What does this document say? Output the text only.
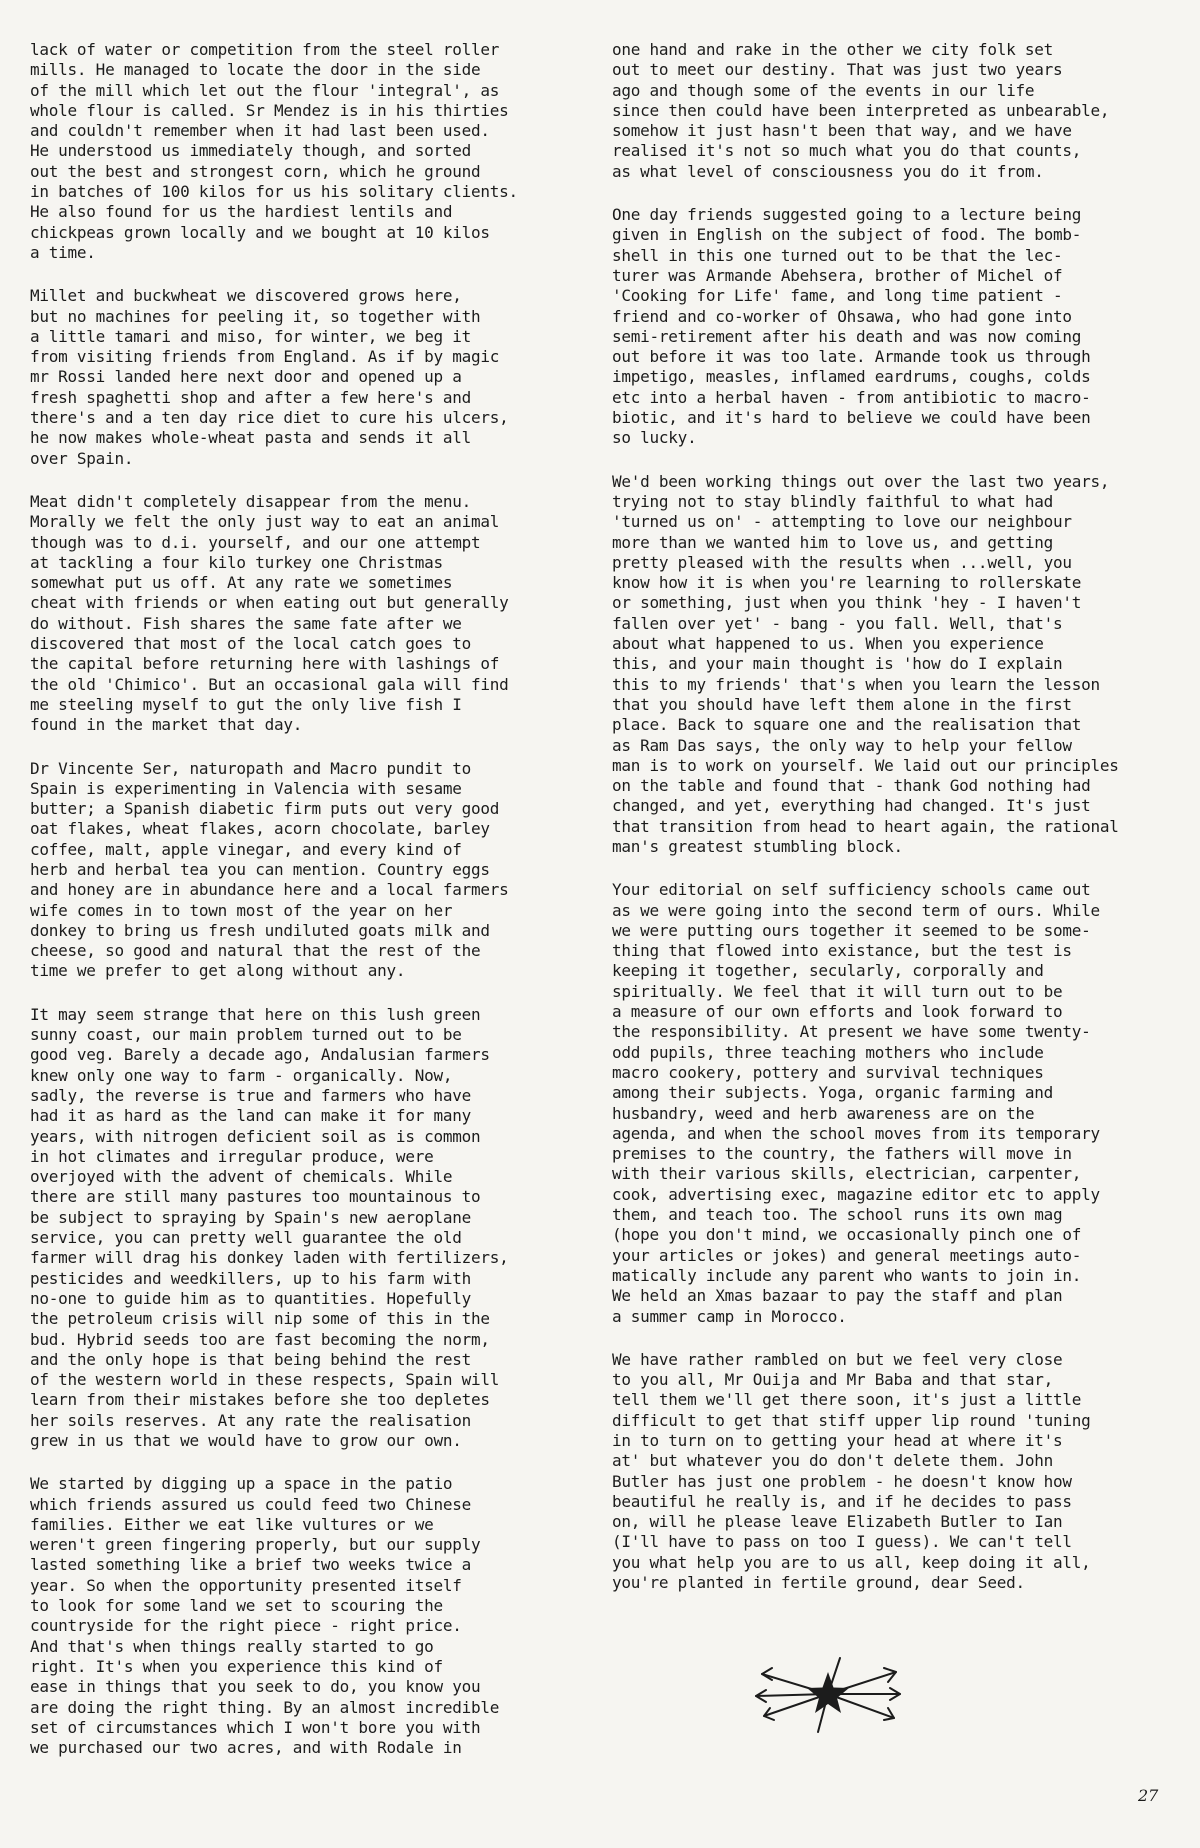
lack of water or competition from the steel roller
mills. He managed to locate the door in the side
of the mill which let out the flour 'integral', as
whole flour is called. Sr Mendez is in his thirties
and couldn't remember when it had last been used.
He understood us immediately though, and sorted
out the best and strongest corn, which he ground
in batches of 100 kilos for us his solitary clients.
He also found for us the hardiest lentils and
chickpeas grown locally and we bought at 10 kilos
a time.

Millet and buckwheat we discovered grows here,
but no machines for peeling it, so together with
a little tamari and miso, for winter, we beg it
from visiting friends from England. As if by magic
mr Rossi landed here next door and opened up a
fresh spaghetti shop and after a few here's and
there's and a ten day rice diet to cure his ulcers,
he now makes whole-wheat pasta and sends it all
over Spain.

Meat didn't completely disappear from the menu.
Morally we felt the only just way to eat an animal
though was to d.i. yourself, and our one attempt
at tackling a four kilo turkey one Christmas
somewhat put us off. At any rate we sometimes
cheat with friends or when eating out but generally
do without. Fish shares the same fate after we
discovered that most of the local catch goes to
the capital before returning here with lashings of
the old 'Chimico'. But an occasional gala will find
me steeling myself to gut the only live fish I
found in the market that day.

Dr Vincente Ser, naturopath and Macro pundit to
Spain is experimenting in Valencia with sesame
butter; a Spanish diabetic firm puts out very good
oat flakes, wheat flakes, acorn chocolate, barley
coffee, malt, apple vinegar, and every kind of
herb and herbal tea you can mention. Country eggs
and honey are in abundance here and a local farmers
wife comes in to town most of the year on her
donkey to bring us fresh undiluted goats milk and
cheese, so good and natural that the rest of the
time we prefer to get along without any.

It may seem strange that here on this lush green
sunny coast, our main problem turned out to be
good veg. Barely a decade ago, Andalusian farmers
knew only one way to farm - organically. Now,
sadly, the reverse is true and farmers who have
had it as hard as the land can make it for many
years, with nitrogen deficient soil as is common
in hot climates and irregular produce, were
overjoyed with the advent of chemicals. While
there are still many pastures too mountainous to
be subject to spraying by Spain's new aeroplane
service, you can pretty well guarantee the old
farmer will drag his donkey laden with fertilizers,
pesticides and weedkillers, up to his farm with
no-one to guide him as to quantities. Hopefully
the petroleum crisis will nip some of this in the
bud. Hybrid seeds too are fast becoming the norm,
and the only hope is that being behind the rest
of the western world in these respects, Spain will
learn from their mistakes before she too depletes
her soils reserves. At any rate the realisation
grew in us that we would have to grow our own.

We started by digging up a space in the patio
which friends assured us could feed two Chinese
families. Either we eat like vultures or we
weren't green fingering properly, but our supply
lasted something like a brief two weeks twice a
year. So when the opportunity presented itself
to look for some land we set to scouring the
countryside for the right piece - right price.
And that's when things really started to go
right. It's when you experience this kind of
ease in things that you seek to do, you know you
are doing the right thing. By an almost incredible
set of circumstances which I won't bore you with
we purchased our two acres, and with Rodale in

one hand and rake in the other we city folk set
out to meet our destiny. That was just two years
ago and though some of the events in our life
since then could have been interpreted as unbearable,
somehow it just hasn't been that way, and we have
realised it's not so much what you do that counts,
as what level of consciousness you do it from.

One day friends suggested going to a lecture being
given in English on the subject of food. The bomb-
shell in this one turned out to be that the lec-
turer was Armande Abehsera, brother of Michel of
'Cooking for Life' fame, and long time patient -
friend and co-worker of Ohsawa, who had gone into
semi-retirement after his death and was now coming
out before it was too late. Armande took us through
impetigo, measles, inflamed eardrums, coughs, colds
etc into a herbal haven - from antibiotic to macro-
biotic, and it's hard to believe we could have been
so lucky.

We'd been working things out over the last two years,
trying not to stay blindly faithful to what had
'turned us on' - attempting to love our neighbour
more than we wanted him to love us, and getting
pretty pleased with the results when ...well, you
know how it is when you're learning to rollerskate
or something, just when you think 'hey - I haven't
fallen over yet' - bang - you fall. Well, that's
about what happened to us. When you experience
this, and your main thought is 'how do I explain
this to my friends' that's when you learn the lesson
that you should have left them alone in the first
place. Back to square one and the realisation that
as Ram Das says, the only way to help your fellow
man is to work on yourself. We laid out our principles
on the table and found that - thank God nothing had
changed, and yet, everything had changed. It's just
that transition from head to heart again, the rational
man's greatest stumbling block.

Your editorial on self sufficiency schools came out
as we were going into the second term of ours. While
we were putting ours together it seemed to be some-
thing that flowed into existance, but the test is
keeping it together, secularly, corporally and
spiritually. We feel that it will turn out to be
a measure of our own efforts and look forward to
the responsibility. At present we have some twenty-
odd pupils, three teaching mothers who include
macro cookery, pottery and survival techniques
among their subjects. Yoga, organic farming and
husbandry, weed and herb awareness are on the
agenda, and when the school moves from its temporary
premises to the country, the fathers will move in
with their various skills, electrician, carpenter,
cook, advertising exec, magazine editor etc to apply
them, and teach too. The school runs its own mag
(hope you don't mind, we occasionally pinch one of
your articles or jokes) and general meetings auto-
matically include any parent who wants to join in.
We held an Xmas bazaar to pay the staff and plan
a summer camp in Morocco.

We have rather rambled on but we feel very close
to you all, Mr Ouija and Mr Baba and that star,
tell them we'll get there soon, it's just a little
difficult to get that stiff upper lip round 'tuning
in to turn on to getting your head at where it's
at' but whatever you do don't delete them. John
Butler has just one problem - he doesn't know how
beautiful he really is, and if he decides to pass
on, will he please leave Elizabeth Butler to Ian
(I'll have to pass on too I guess). We can't tell
you what help you are to us all, keep doing it all,
you're planted in fertile ground, dear Seed.

27
